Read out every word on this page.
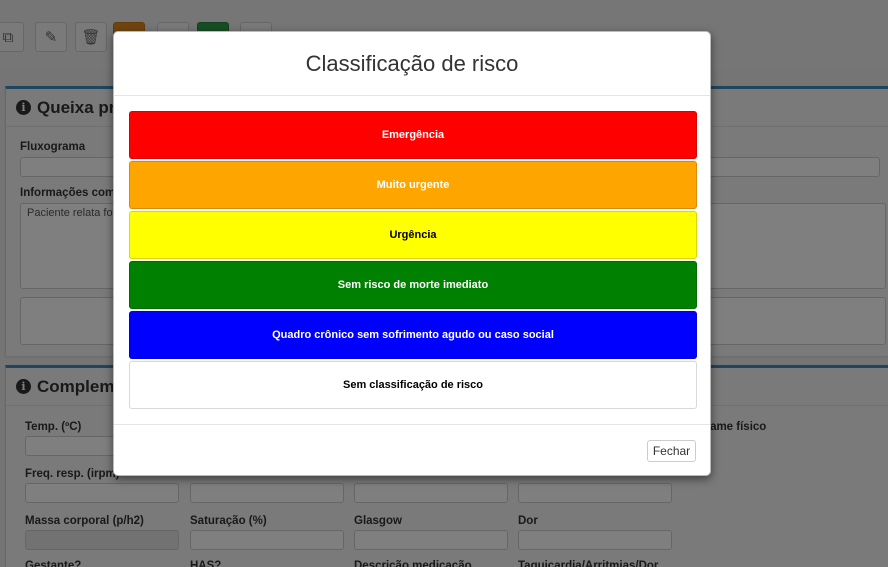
Classificação de risco
Emergência
Muito urgente
Urgência
Sem risco de morte imediato
Quadro crônico sem sofrimento agudo ou caso social
Sem classificação de risco
Fechar
